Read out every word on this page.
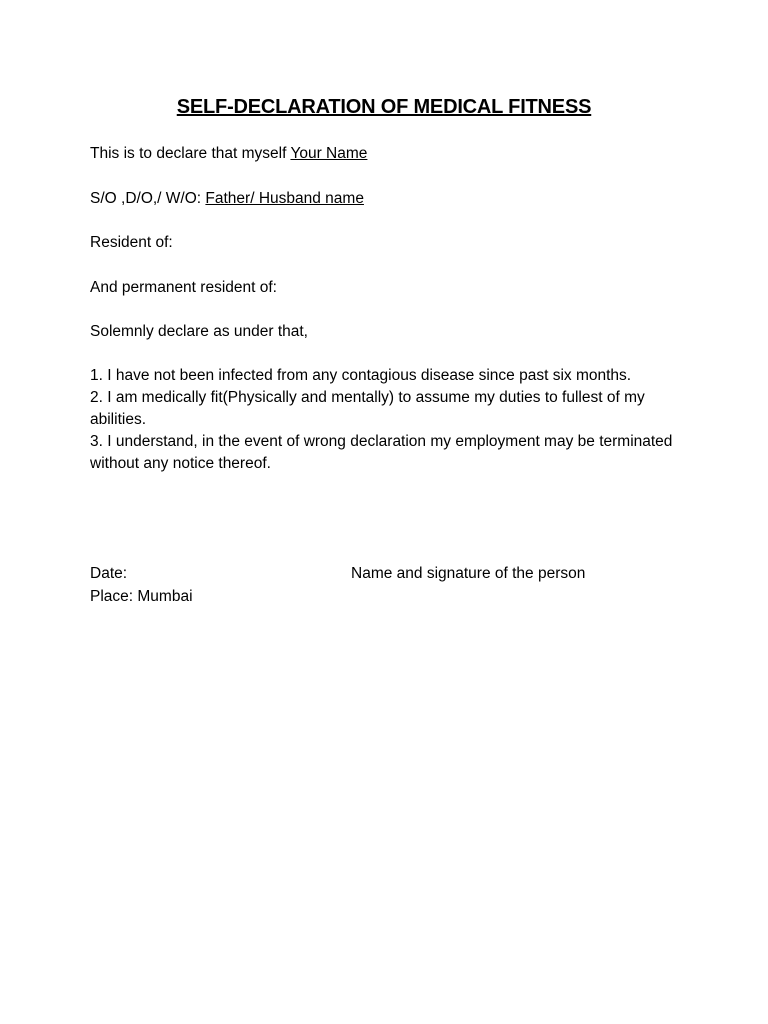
SELF-DECLARATION OF MEDICAL FITNESS
This is to declare that myself Your Name
S/O ,D/O,/ W/O: Father/ Husband name
Resident of:
And permanent resident of:
Solemnly declare as under that,

1. I have not been infected from any contagious disease since past six months.

2. I am medically fit(Physically and mentally) to assume my duties to fullest of my abilities.

3. I understand, in the event of wrong declaration my employment may be terminated without any notice thereof.

Date:	Name and signature of the person
Place: Mumbai
